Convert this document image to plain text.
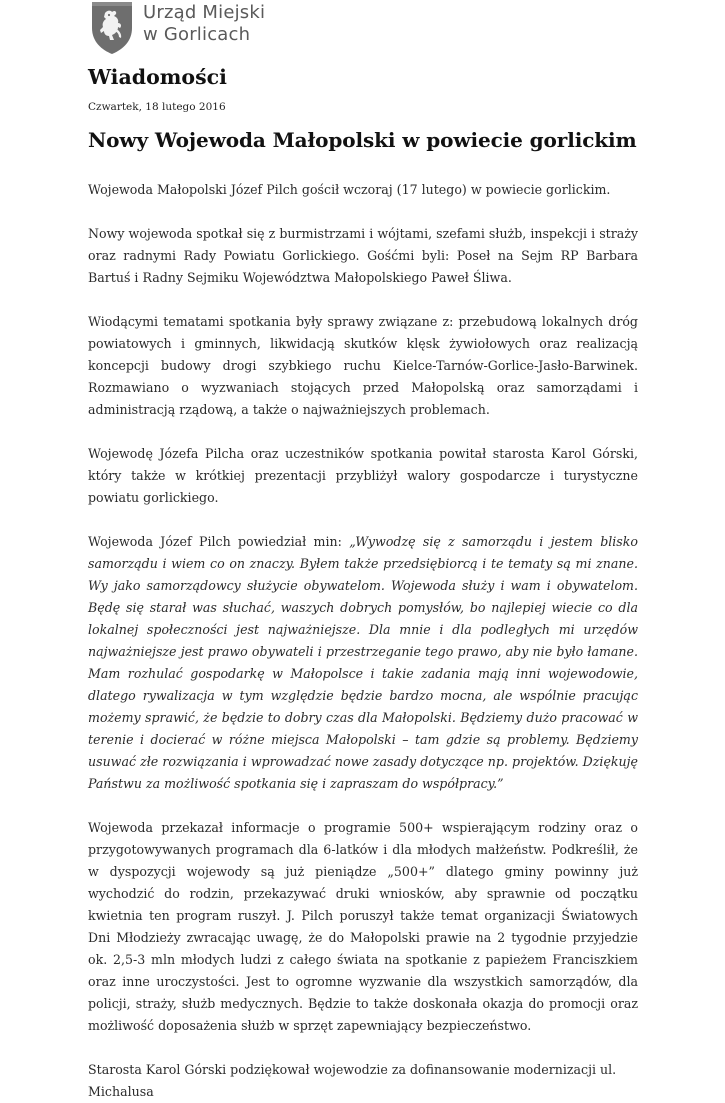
Urząd Miejski
w Gorlicach
Wiadomości
Czwartek, 18 lutego 2016
Nowy Wojewoda Małopolski w powiecie gorlickim

Wojewoda Małopolski Józef Pilch gościł wczoraj (17 lutego) w powiecie gorlickim.

Nowy wojewoda spotkał się z burmistrzami i wójtami, szefami służb, inspekcji i straży oraz radnymi Rady Powiatu Gorlickiego. Gośćmi byli: Poseł na Sejm RP Barbara Bartuś i Radny Sejmiku Województwa Małopolskiego Paweł Śliwa.

Wiodącymi tematami spotkania były sprawy związane z: przebudową lokalnych dróg powiatowych i gminnych, likwidacją skutków klęsk żywiołowych oraz realizacją koncepcji budowy drogi szybkiego ruchu Kielce-Tarnów-Gorlice-Jasło-Barwinek. Rozmawiano o wyzwaniach stojących przed Małopolską oraz samorządami i administracją rządową, a także o najważniejszych problemach.

Wojewodę Józefa Pilcha oraz uczestników spotkania powitał starosta Karol Górski, który także w krótkiej prezentacji przybliżył walory gospodarcze i turystyczne powiatu gorlickiego.

Wojewoda Józef Pilch powiedział min: „Wywodzę się z samorządu i jestem blisko samorządu i wiem co on znaczy. Byłem także przedsiębiorcą i te tematy są mi znane. Wy jako samorządowcy służycie obywatelom. Wojewoda służy i wam i obywatelom. Będę się starał was słuchać, waszych dobrych pomysłów, bo najlepiej wiecie co dla lokalnej społeczności jest najważniejsze. Dla mnie i dla podległych mi urzędów najważniejsze jest prawo obywateli i przestrzeganie tego prawo, aby nie było łamane. Mam rozhulać gospodarkę w Małopolsce i takie zadania mają inni wojewodowie, dlatego rywalizacja w tym względzie będzie bardzo mocna, ale wspólnie pracując możemy sprawić, że będzie to dobry czas dla Małopolski. Będziemy dużo pracować w terenie i docierać w różne miejsca Małopolski – tam gdzie są problemy. Będziemy usuwać złe rozwiązania i wprowadzać nowe zasady dotyczące np. projektów. Dziękuję Państwu za możliwość spotkania się i zapraszam do współpracy.”

Wojewoda przekazał informacje o programie 500+ wspierającym rodziny oraz o przygotowywanych programach dla 6-latków i dla młodych małżeństw. Podkreślił, że w dyspozycji wojewody są już pieniądze „500+” dlatego gminy powinny już wychodzić do rodzin, przekazywać druki wniosków, aby sprawnie od początku kwietnia ten program ruszył. J. Pilch poruszył także temat organizacji Światowych Dni Młodzieży zwracając uwagę, że do Małopolski prawie na 2 tygodnie przyjedzie ok. 2,5-3 mln młodych ludzi z całego świata na spotkanie z papieżem Franciszkiem oraz inne uroczystości. Jest to ogromne wyzwanie dla wszystkich samorządów, dla policji, straży, służb medycznych. Będzie to także doskonała okazja do promocji oraz możliwość doposażenia służb w sprzęt zapewniający bezpieczeństwo.

Starosta Karol Górski podziękował wojewodzie za dofinansowanie modernizacji ul. Michalusa
